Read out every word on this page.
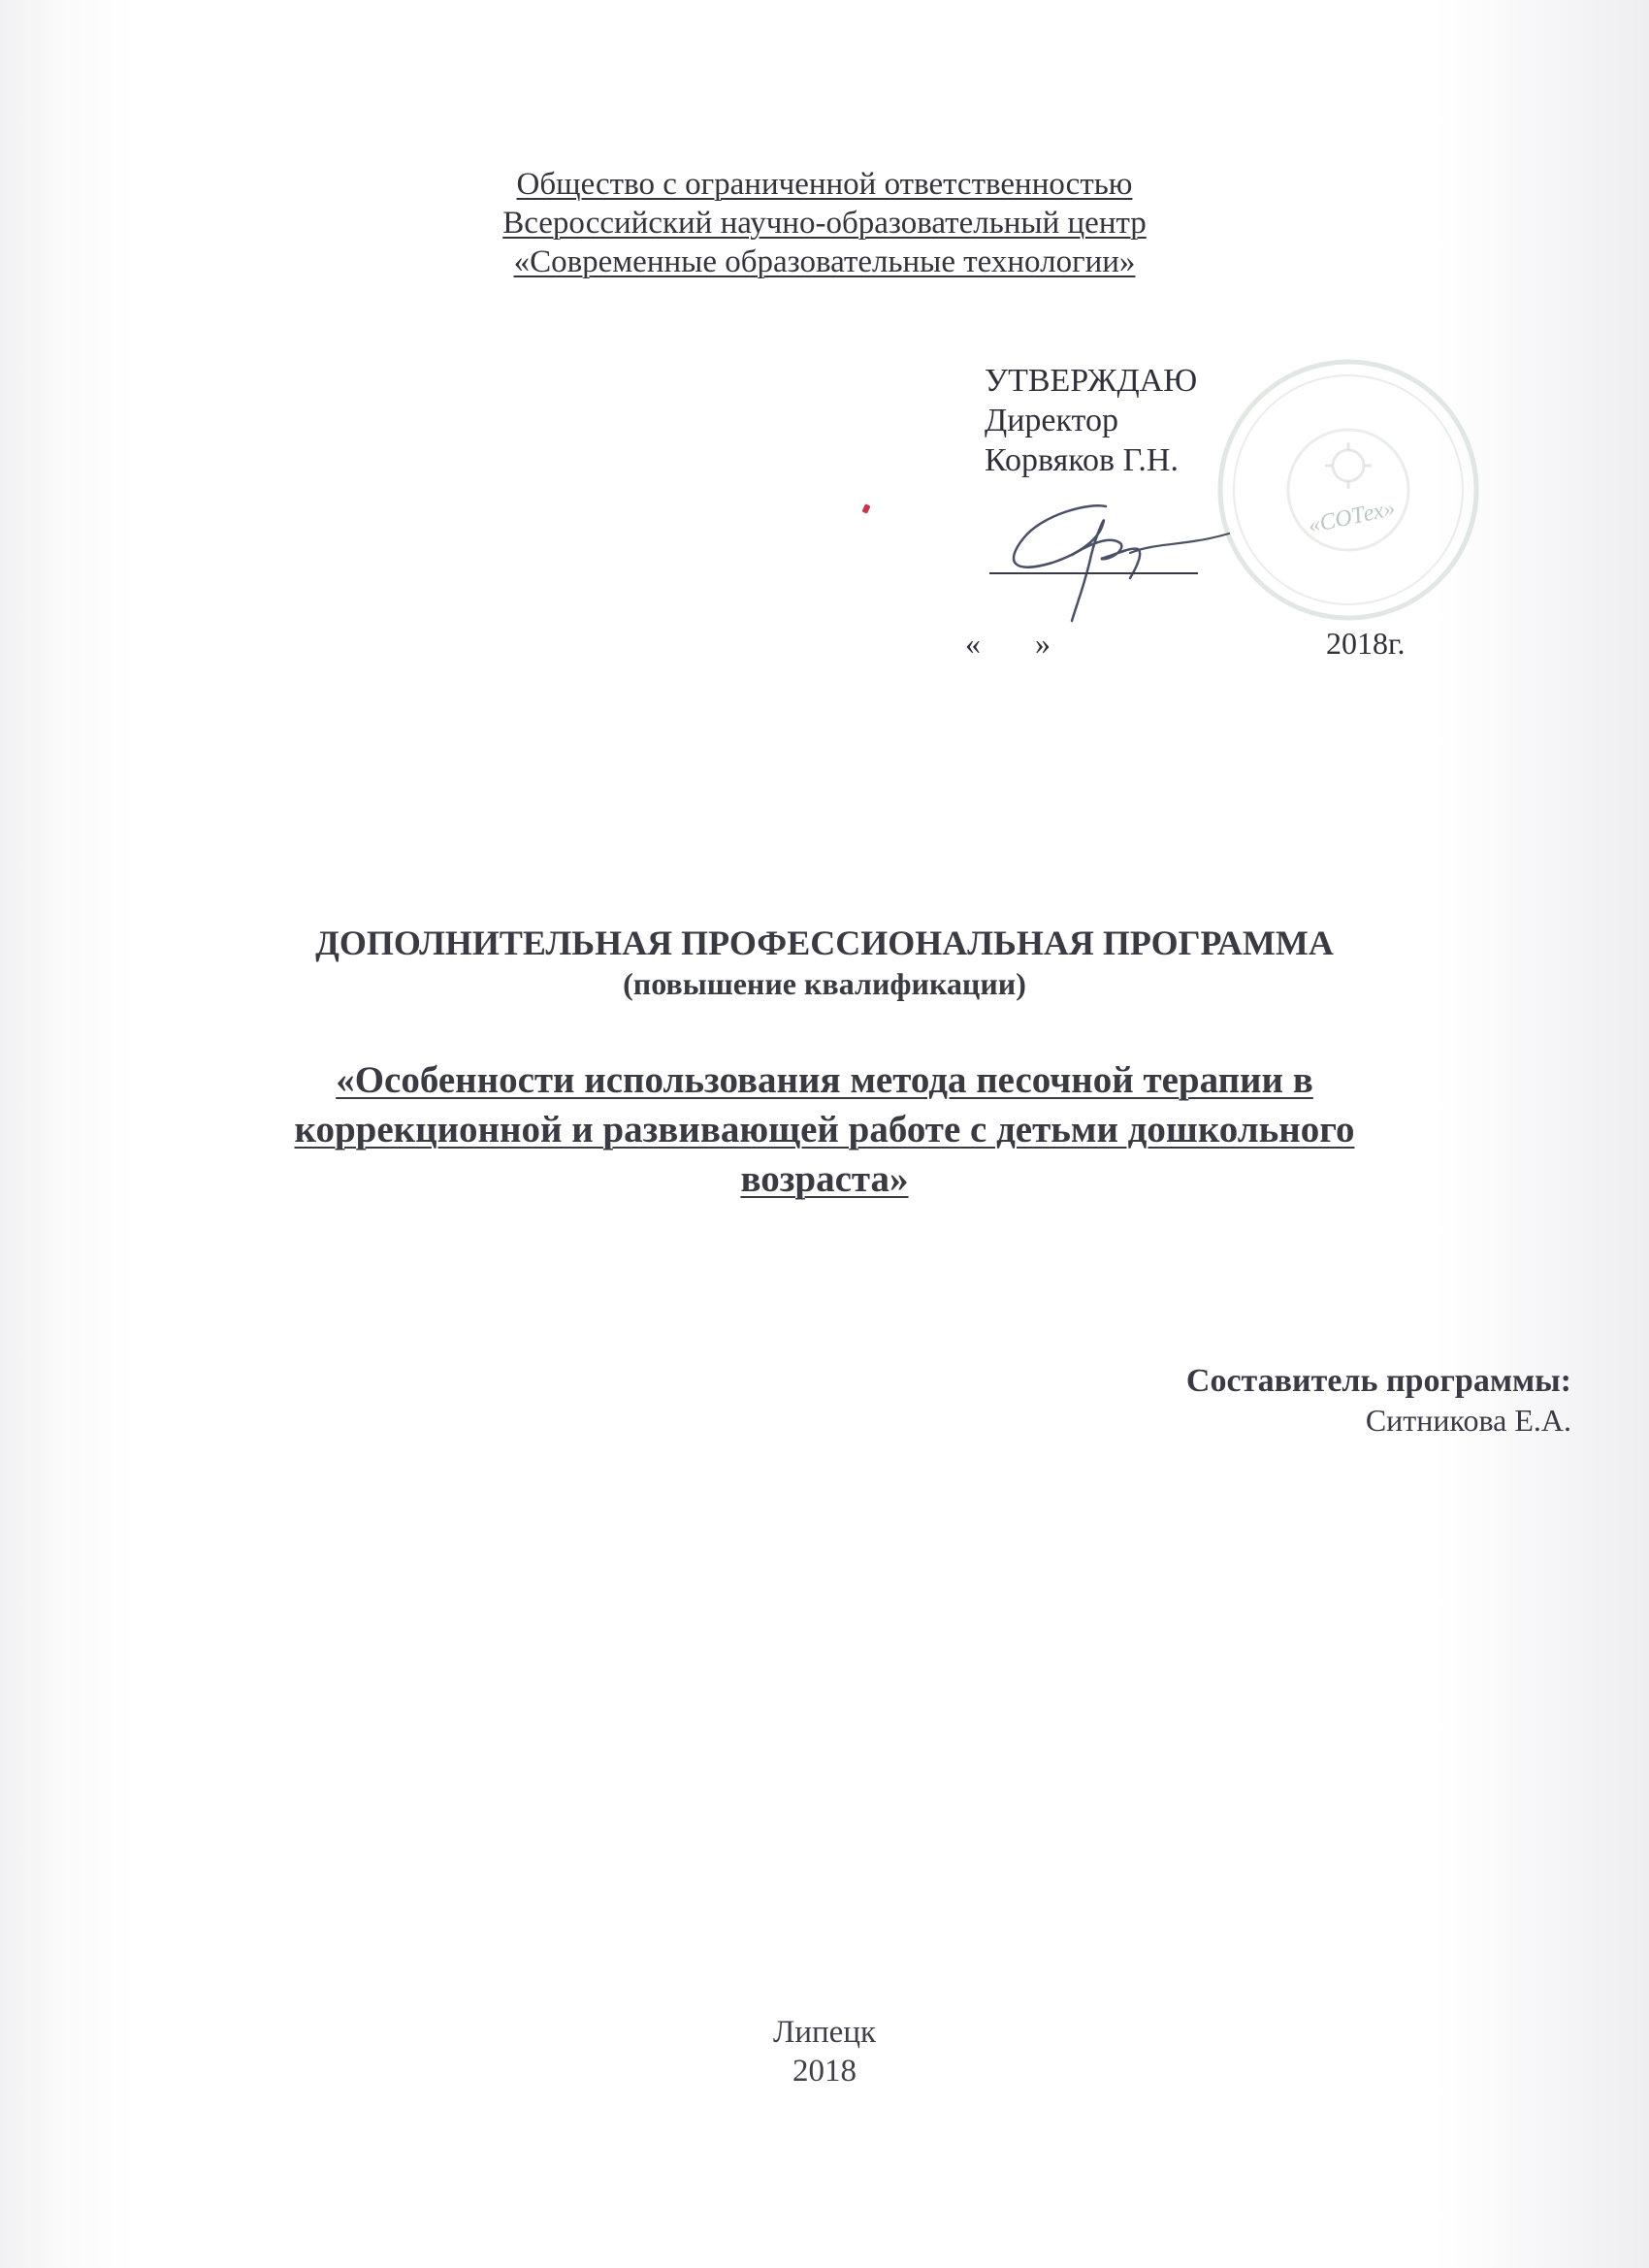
Общество с ограниченной ответственностью
Всероссийский научно-образовательный центр
«Современные образовательные технологии»
«СОТех»
УТВЕРЖДАЮ
Директор
Корвяков Г.Н.
« »	2018г.
ДОПОЛНИТЕЛЬНАЯ ПРОФЕССИОНАЛЬНАЯ ПРОГРАММА
(повышение квалификации)
«Особенности использования метода песочной терапии в
коррекционной и развивающей работе с детьми дошкольного
возраста»
Составитель программы:
Ситникова Е.А.
Липецк
2018
